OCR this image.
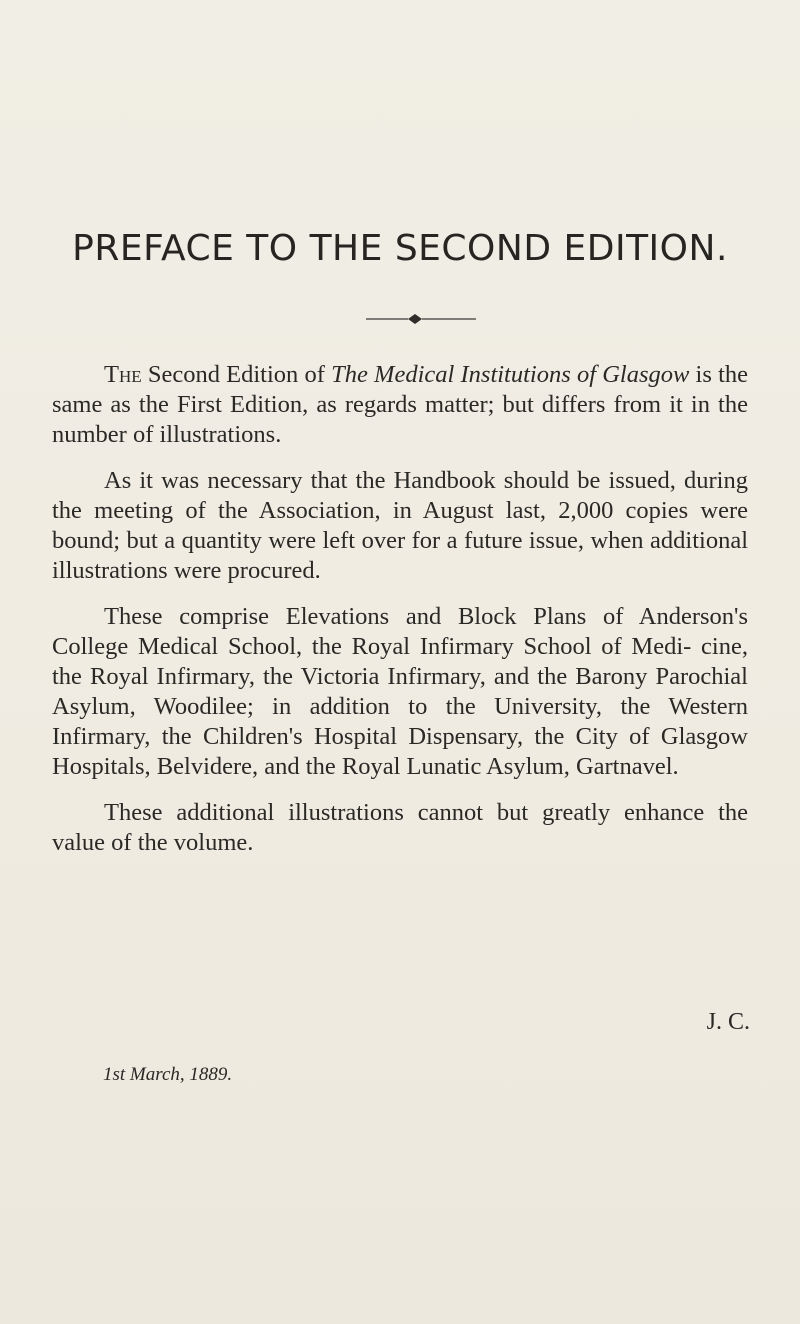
PREFACE TO THE SECOND EDITION.

The Second Edition of The Medical Institutions of Glasgow is the same as the First Edition, as regards matter; but differs from it in the number of illustrations.

As it was necessary that the Handbook should be issued, during the meeting of the Association, in August last, 2,000 copies were bound; but a quantity were left over for a future issue, when additional illustrations were procured.

These comprise Elevations and Block Plans of Anderson's College Medical School, the Royal Infirmary School of Medi- cine, the Royal Infirmary, the Victoria Infirmary, and the Barony Parochial Asylum, Woodilee; in addition to the University, the Western Infirmary, the Children's Hospital Dispensary, the City of Glasgow Hospitals, Belvidere, and the Royal Lunatic Asylum, Gartnavel.

These additional illustrations cannot but greatly enhance the value of the volume.

J. C.
1st March, 1889.
